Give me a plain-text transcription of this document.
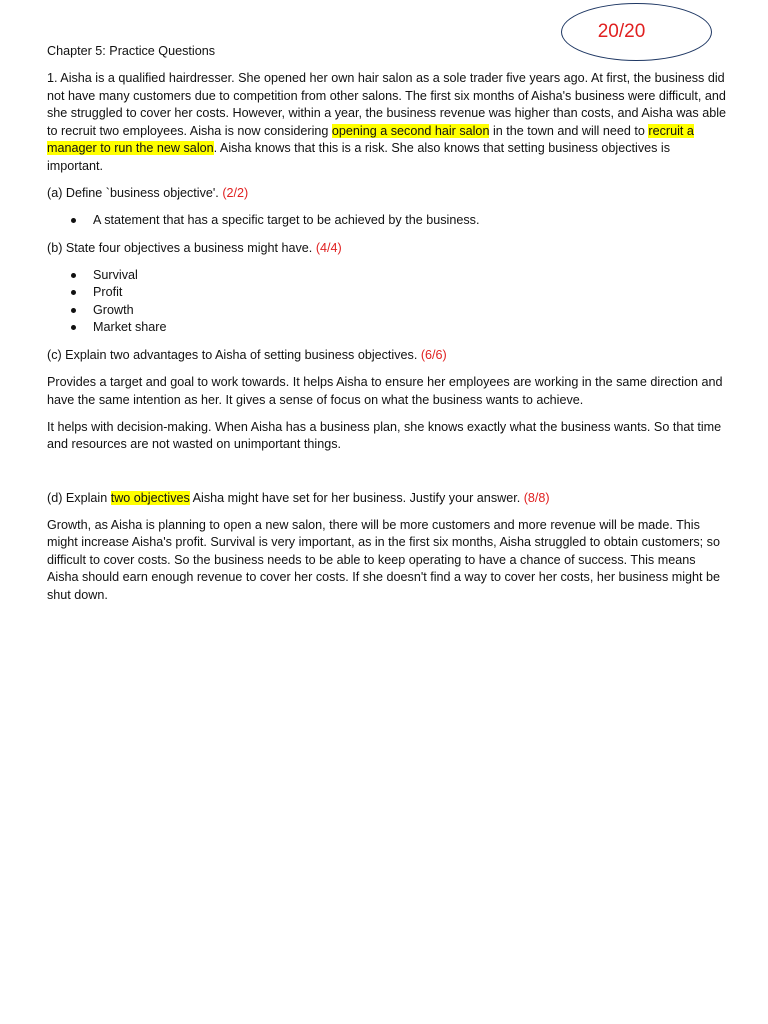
20/20

Chapter 5: Practice Questions

1. Aisha is a qualified hairdresser. She opened her own hair salon as a sole trader five years ago. At first, the business did not have many customers due to competition from other salons. The first six months of Aisha's business were difficult, and she struggled to cover her costs. However, within a year, the business revenue was higher than costs, and Aisha was able to recruit two employees. Aisha is now considering opening a second hair salon in the town and will need to recruit a manager to run the new salon. Aisha knows that this is a risk. She also knows that setting business objectives is important.

(a) Define `business objective'. (2/2)

A statement that has a specific target to be achieved by the business.

(b) State four objectives a business might have. (4/4)

Survival
Profit
Growth
Market share

(c) Explain two advantages to Aisha of setting business objectives. (6/6)

Provides a target and goal to work towards. It helps Aisha to ensure her employees are working in the same direction and have the same intention as her. It gives a sense of focus on what the business wants to achieve.

It helps with decision-making. When Aisha has a business plan, she knows exactly what the business wants. So that time and resources are not wasted on unimportant things.

(d) Explain two objectives Aisha might have set for her business. Justify your answer. (8/8)

Growth, as Aisha is planning to open a new salon, there will be more customers and more revenue will be made. This might increase Aisha's profit. Survival is very important, as in the first six months, Aisha struggled to obtain customers; so difficult to cover costs. So the business needs to be able to keep operating to have a chance of success. This means Aisha should earn enough revenue to cover her costs. If she doesn't find a way to cover her costs, her business might be shut down.
